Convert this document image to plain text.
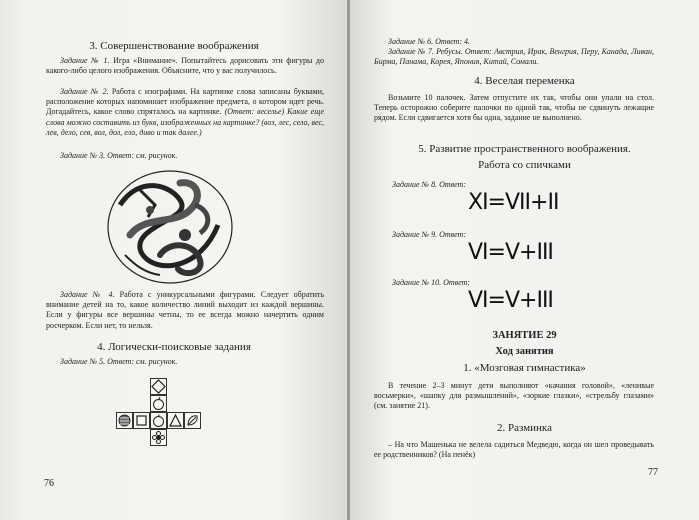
3. Совершенствование воображения
Задание № 1. Игра «Внимание». Попытайтесь дорисовать эти фигуры до какого-либо целого изображения. Объясните, что у вас получилось.
Задание № 2. Работа с изографами. На картинке слова записаны буквами, расположение которых напоминает изображение предмета, о котором идет речь. Догадайтесь, какое слово спряталось на картинке. (Ответ: веселье) Какие еще слова можно составить из букв, изображенных на картинке? (воз, лес, село, вес, лев, дело, сев, вол, дол, ело, диво и так далее.)
Задание № 3. Ответ: см. рисунок.
Задание № 4. Работа с уникурсальными фигурами. Следует обратить внимание детей на то, какое количество линий выходит из каждой вершины. Если у фигуры все вершины четны, то ее всегда можно начертить одним росчерком. Если нет, то нельзя.
4. Логически-поисковые задания
Задание № 5. Ответ: см. рисунок.
76
Задание № 6. Ответ: 4.
Задание № 7. Ребусы. Ответ: Австрия, Ирак, Венгрия, Перу, Канада, Ливан, Бирма, Панама, Корея, Япония, Китай, Сомали.
4. Веселая переменка
Возьмите 10 палочек. Затем отпустите их так, чтобы они упали на стол. Теперь осторожно соберите палочки по одной так, чтобы не сдвинуть лежащие рядом. Если сдвигается хотя бы одна, задание не выполнено.
5. Развитие пространственного воображения.
Работа со спичками
Задание № 8. Ответ:
XI=VII+II
Задание № 9. Ответ:
VI=V+III
Задание № 10. Ответ:
VI=V+III
ЗАНЯТИЕ 29
Ход занятия
1. «Мозговая гимнастика»
В течение 2–3 минут дети выполняют «качания головой», «ленивые восьмерки», «шапку для размышлений», «зоркие глазки», «стрельбу глазами» (см. занятие 21).
2. Разминка
– На что Машенька не велела садиться Медведю, когда он шел проведывать ее родственников? (На пенёк)
77
